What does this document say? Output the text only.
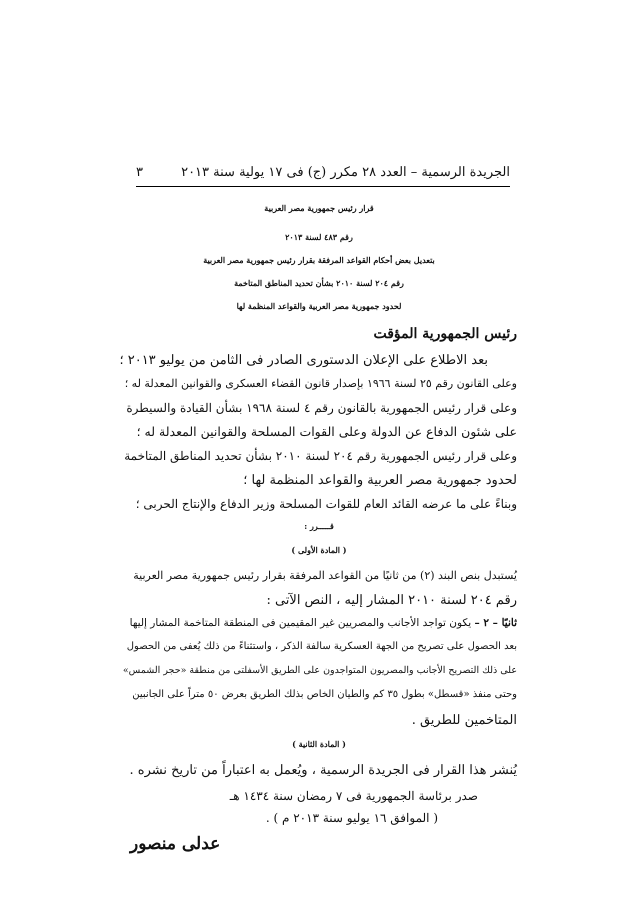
الجريدة الرسمية – العدد ٢٨ مكرر (ج) فى ١٧ يولية سنة ٢٠١٣
٣
قرار رئيس جمهورية مصر العربية
رقم ٤٨٣ لسنة ٢٠١٣
بتعديل بعض أحكام القواعد المرفقة بقرار رئيس جمهورية مصر العربية
رقم ٢٠٤ لسنة ٢٠١٠ بشأن تحديد المناطق المتاخمة
لحدود جمهورية مصر العربية والقواعد المنظمة لها
رئيس الجمهورية المؤقت
بعد الاطلاع على الإعلان الدستورى الصادر فى الثامن من يوليو ٢٠١٣ ؛
وعلى القانون رقم ٢٥ لسنة ١٩٦٦ بإصدار قانون القضاء العسكرى والقوانين المعدلة له ؛
وعلى قرار رئيس الجمهورية بالقانون رقم ٤ لسنة ١٩٦٨ بشأن القيادة والسيطرة
على شئون الدفاع عن الدولة وعلى القوات المسلحة والقوانين المعدلة له ؛
وعلى قرار رئيس الجمهورية رقم ٢٠٤ لسنة ٢٠١٠ بشأن تحديد المناطق المتاخمة
لحدود جمهورية مصر العربية والقواعد المنظمة لها ؛
وبناءً على ما عرضه القائد العام للقوات المسلحة وزير الدفاع والإنتاج الحربى ؛
قـــــرر :
( المادة الأولى )
يُستبدل بنص البند (٢) من ثانيًا من القواعد المرفقة بقرار رئيس جمهورية مصر العربية
رقم ٢٠٤ لسنة ٢٠١٠ المشار إليه ، النص الآتى :
ثانيًا – ٢ – يكون تواجد الأجانب والمصريين غير المقيمين فى المنطقة المتاخمة المشار إليها
بعد الحصول على تصريح من الجهة العسكرية سالفة الذكر ، واستثناءً من ذلك يُعفى من الحصول
على ذلك التصريح الأجانب والمصريون المتواجدون على الطريق الأسفلتى من منطقة «حجر الشمس»
وحتى منفذ «قسطل» بطول ٣٥ كم والطيان الخاص بذلك الطريق بعرض ٥٠ متراً على الجانبين
المتاخمين للطريق .
( المادة الثانية )
يُنشر هذا القرار فى الجريدة الرسمية ، ويُعمل به اعتباراً من تاريخ نشره .
صدر برئاسة الجمهورية فى ٧ رمضان سنة ١٤٣٤ هـ
( الموافق ١٦ يوليو سنة ٢٠١٣ م ) .
عدلى منصور
